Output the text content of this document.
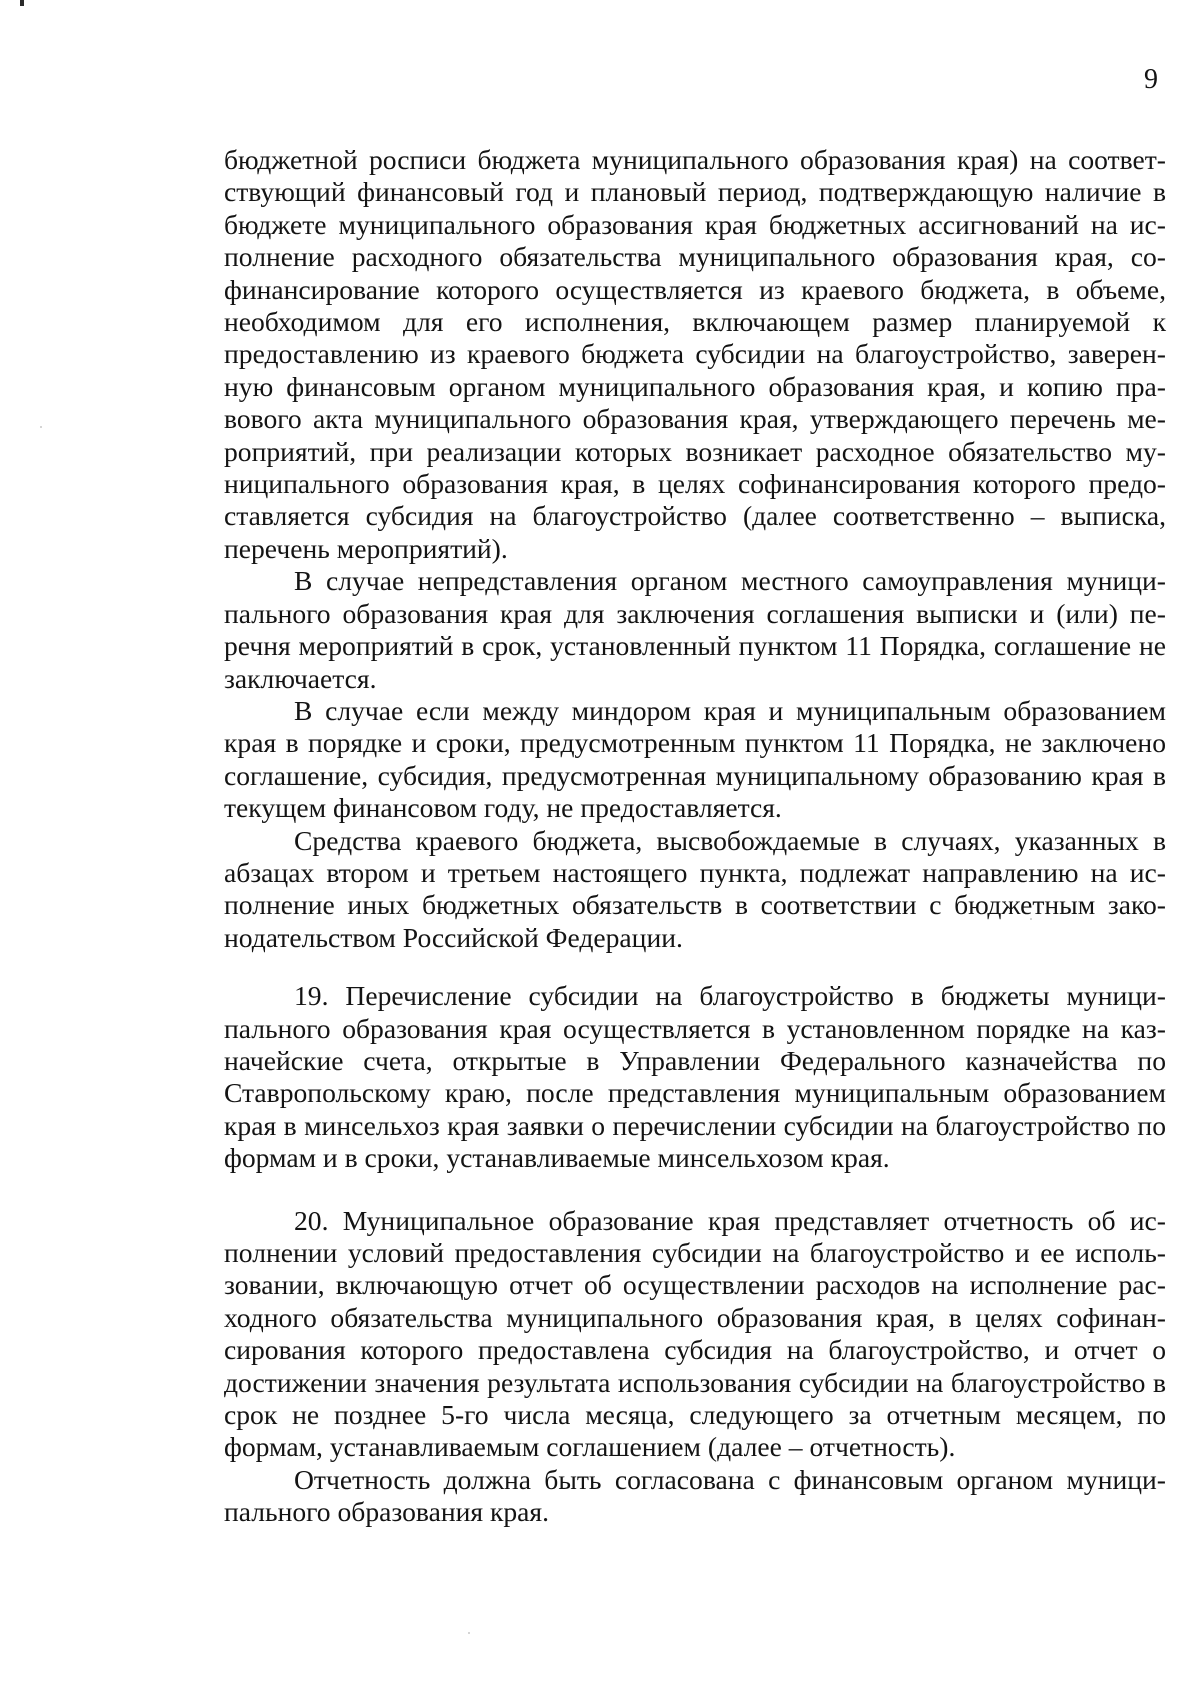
9

бюджетной росписи бюджета муниципального образования края) на соответствующий финансовый год и плановый период, подтверждающую наличие в бюджете муниципального образования края бюджетных ассигнований на исполнение расходного обязательства муниципального образования края, софинансирование которого осуществляется из краевого бюджета, в объеме, необходимом для его исполнения, включающем размер планируемой к предоставлению из краевого бюджета субсидии на благоустройство, заверенную финансовым органом муниципального образования края, и копию правового акта муниципального образования края, утверждающего перечень мероприятий, при реализации которых возникает расходное обязательство муниципального образования края, в целях софинансирования которого предоставляется субсидия на благоустройство (далее соответственно – выписка, перечень мероприятий).

В случае непредставления органом местного самоуправления муниципального образования края для заключения соглашения выписки и (или) перечня мероприятий в срок, установленный пунктом 11 Порядка, соглашение не заключается.

В случае если между миндором края и муниципальным образованием края в порядке и сроки, предусмотренным пунктом 11 Порядка, не заключено соглашение, субсидия, предусмотренная муниципальному образованию края в текущем финансовом году, не предоставляется.

Средства краевого бюджета, высвобождаемые в случаях, указанных в абзацах втором и третьем настоящего пункта, подлежат направлению на исполнение иных бюджетных обязательств в соответствии с бюджетным законодательством Российской Федерации.

19. Перечисление субсидии на благоустройство в бюджеты муниципального образования края осуществляется в установленном порядке на казначейские счета, открытые в Управлении Федерального казначейства по Ставропольскому краю, после представления муниципальным образованием края в минсельхоз края заявки о перечислении субсидии на благоустройство по формам и в сроки, устанавливаемые минсельхозом края.

20. Муниципальное образование края представляет отчетность об исполнении условий предоставления субсидии на благоустройство и ее использовании, включающую отчет об осуществлении расходов на исполнение расходного обязательства муниципального образования края, в целях софинансирования которого предоставлена субсидия на благоустройство, и отчет о достижении значения результата использования субсидии на благоустройство в срок не позднее 5-го числа месяца, следующего за отчетным месяцем, по формам, устанавливаемым соглашением (далее – отчетность).

Отчетность должна быть согласована с финансовым органом муниципального образования края.
